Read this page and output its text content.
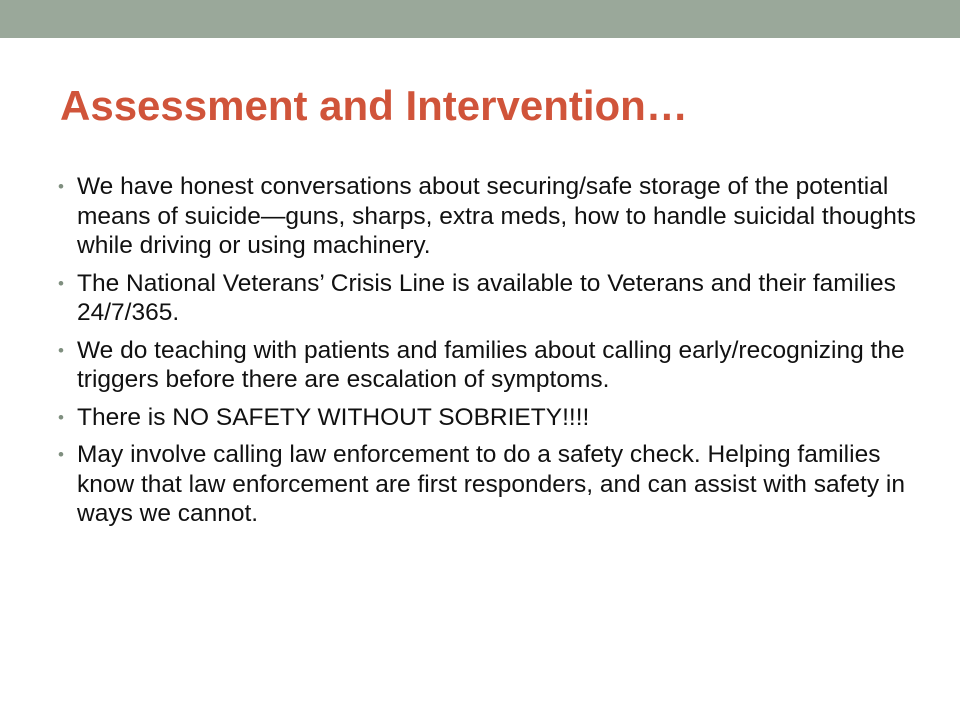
Assessment and Intervention…
• We have honest conversations about securing/safe storage of the potential means of suicide—guns, sharps, extra meds, how to handle suicidal thoughts while driving or using machinery.
• The National Veterans’ Crisis Line is available to Veterans and their families 24/7/365.
• We do teaching with patients and families about calling early/recognizing the triggers before there are escalation of symptoms.
• There is NO SAFETY WITHOUT SOBRIETY!!!!
• May involve calling law enforcement to do a safety check. Helping families know that law enforcement are first responders, and can assist with safety in ways we cannot.
